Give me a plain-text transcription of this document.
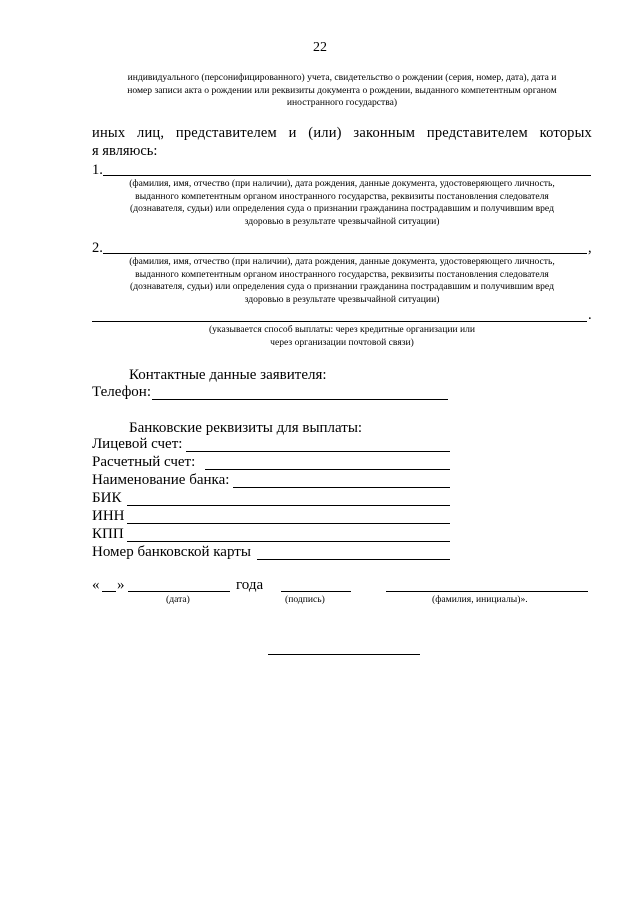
22
индивидуального (персонифицированного) учета, свидетельство о рождении (серия, номер, дата), дата и
номер записи акта о рождении или реквизиты документа о рождении, выданного компетентным органом
иностранного государства)
иных лиц, представителем и (или) законным представителем которых
я являюсь:
1.
(фамилия, имя, отчество (при наличии), дата рождения, данные документа, удостоверяющего личность,
выданного компетентным органом иностранного государства, реквизиты постановления следователя
(дознавателя, судьи) или определения суда о признании гражданина пострадавшим и получившим вред
здоровью в результате чрезвычайной ситуации)
2.	,
(фамилия, имя, отчество (при наличии), дата рождения, данные документа, удостоверяющего личность,
выданного компетентным органом иностранного государства, реквизиты постановления следователя
(дознавателя, судьи) или определения суда о признании гражданина пострадавшим и получившим вред
здоровью в результате чрезвычайной ситуации)
.
(указывается способ выплаты: через кредитные организации или
через организации почтовой связи)
Контактные данные заявителя:
Телефон:
Банковские реквизиты для выплаты:
Лицевой счет:
Расчетный счет:
Наименование банка:
БИК
ИНН
КПП
Номер банковской карты
« »	года
(дата)	(подпись)	(фамилия, инициалы)».
